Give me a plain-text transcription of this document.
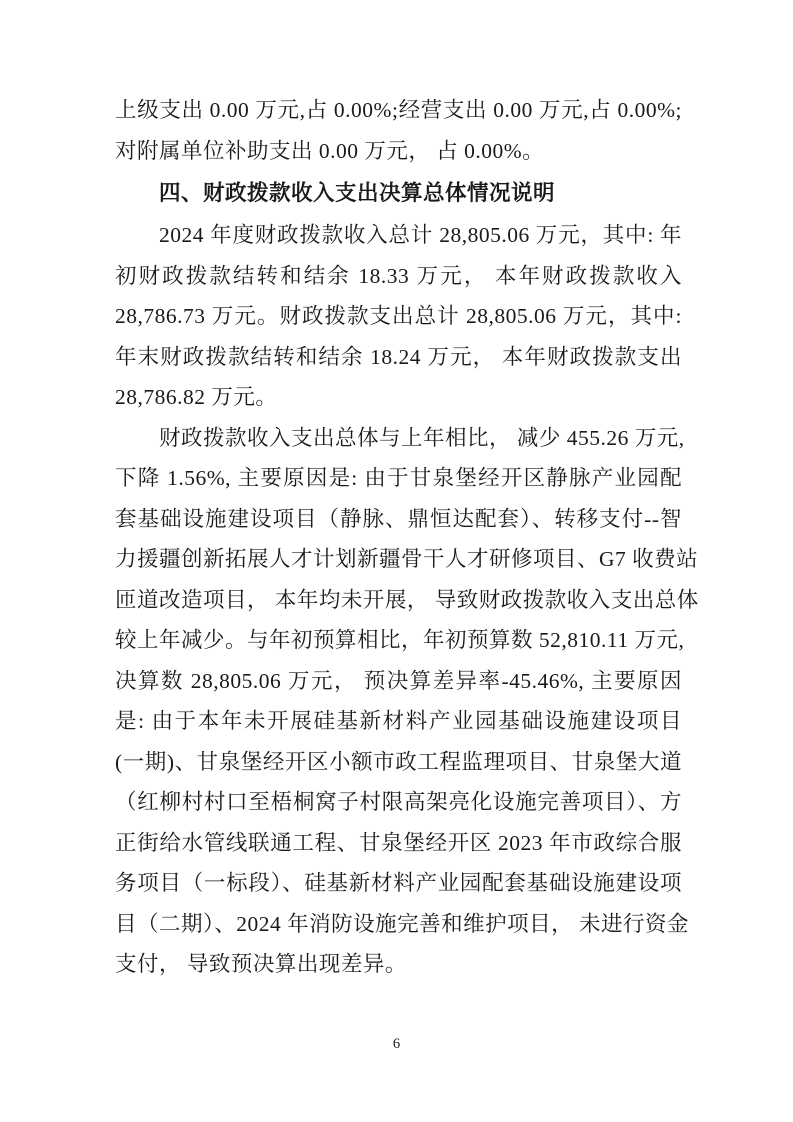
上级支出 0.00 万元,占 0.00%;经营支出 0.00 万元,占 0.00%;
对附属单位补助支出 0.00 万元， 占 0.00%。
四、财政拨款收入支出决算总体情况说明
2024 年度财政拨款收入总计 28,805.06 万元，其中: 年
初财政拨款结转和结余 18.33 万元， 本年财政拨款收入
28,786.73 万元。财政拨款支出总计 28,805.06 万元，其中:
年末财政拨款结转和结余 18.24 万元， 本年财政拨款支出
28,786.82 万元。
财政拨款收入支出总体与上年相比， 减少 455.26 万元,
下降 1.56%, 主要原因是: 由于甘泉堡经开区静脉产业园配
套基础设施建设项目（静脉、鼎恒达配套）、转移支付--智
力援疆创新拓展人才计划新疆骨干人才研修项目、G7 收费站
匝道改造项目， 本年均未开展， 导致财政拨款收入支出总体
较上年减少。与年初预算相比，年初预算数 52,810.11 万元,
决算数 28,805.06 万元， 预决算差异率-45.46%, 主要原因
是: 由于本年未开展硅基新材料产业园基础设施建设项目
(一期)、甘泉堡经开区小额市政工程监理项目、甘泉堡大道
（红柳村村口至梧桐窝子村限高架亮化设施完善项目）、方
正街给水管线联通工程、甘泉堡经开区 2023 年市政综合服
务项目（一标段）、硅基新材料产业园配套基础设施建设项
目（二期）、2024 年消防设施完善和维护项目， 未进行资金
支付， 导致预决算出现差异。
6
